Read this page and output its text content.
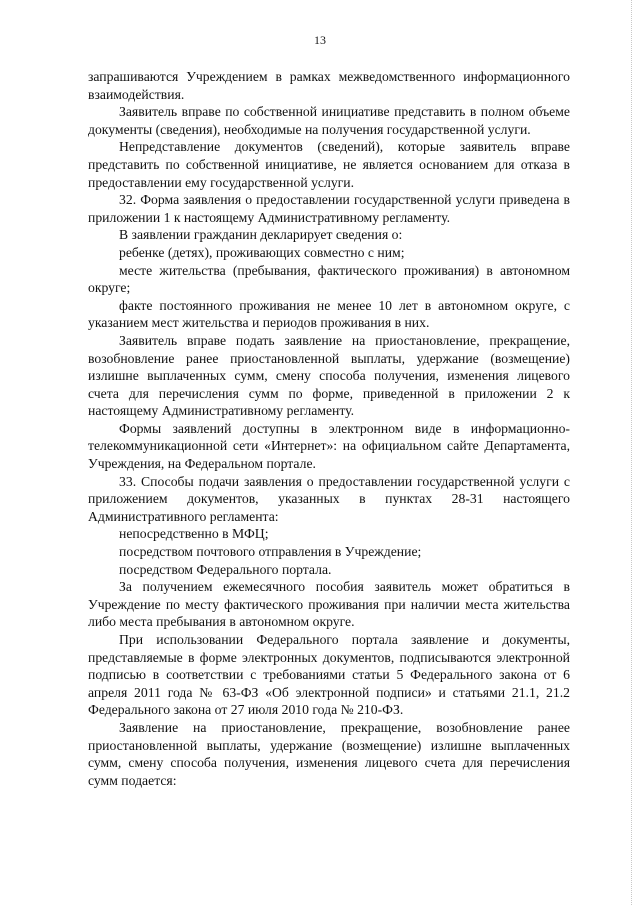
13

запрашиваются Учреждением в рамках межведомственного информационного взаимодействия.

Заявитель вправе по собственной инициативе представить в полном объеме документы (сведения), необходимые на получения государственной услуги.

Непредставление документов (сведений), которые заявитель вправе представить по собственной инициативе, не является основанием для отказа в предоставлении ему государственной услуги.

32. Форма заявления о предоставлении государственной услуги приведена в приложении 1 к настоящему Административному регламенту.

В заявлении гражданин декларирует сведения о:

ребенке (детях), проживающих совместно с ним;

месте жительства (пребывания, фактического проживания) в автономном округе;

факте постоянного проживания не менее 10 лет в автономном округе, с указанием мест жительства и периодов проживания в них.

Заявитель вправе подать заявление на приостановление, прекращение, возобновление ранее приостановленной выплаты, удержание (возмещение) излишне выплаченных сумм, смену способа получения, изменения лицевого счета для перечисления сумм по форме, приведенной в приложении 2 к настоящему Административному регламенту.

Формы заявлений доступны в электронном виде в информационно-телекоммуникационной сети «Интернет»: на официальном сайте Департамента, Учреждения, на Федеральном портале.

33. Способы подачи заявления о предоставлении государственной услуги с приложением документов, указанных в пунктах 28-31 настоящего Административного регламента:

непосредственно в МФЦ;

посредством почтового отправления в Учреждение;

посредством Федерального портала.

За получением ежемесячного пособия заявитель может обратиться в Учреждение по месту фактического проживания при наличии места жительства либо места пребывания в автономном округе.

При использовании Федерального портала заявление и документы, представляемые в форме электронных документов, подписываются электронной подписью в соответствии с требованиями статьи 5 Федерального закона от 6 апреля 2011 года № 63-ФЗ «Об электронной подписи» и статьями 21.1, 21.2 Федерального закона от 27 июля 2010 года № 210-ФЗ.

Заявление на приостановление, прекращение, возобновление ранее приостановленной выплаты, удержание (возмещение) излишне выплаченных сумм, смену способа получения, изменения лицевого счета для перечисления сумм подается:
